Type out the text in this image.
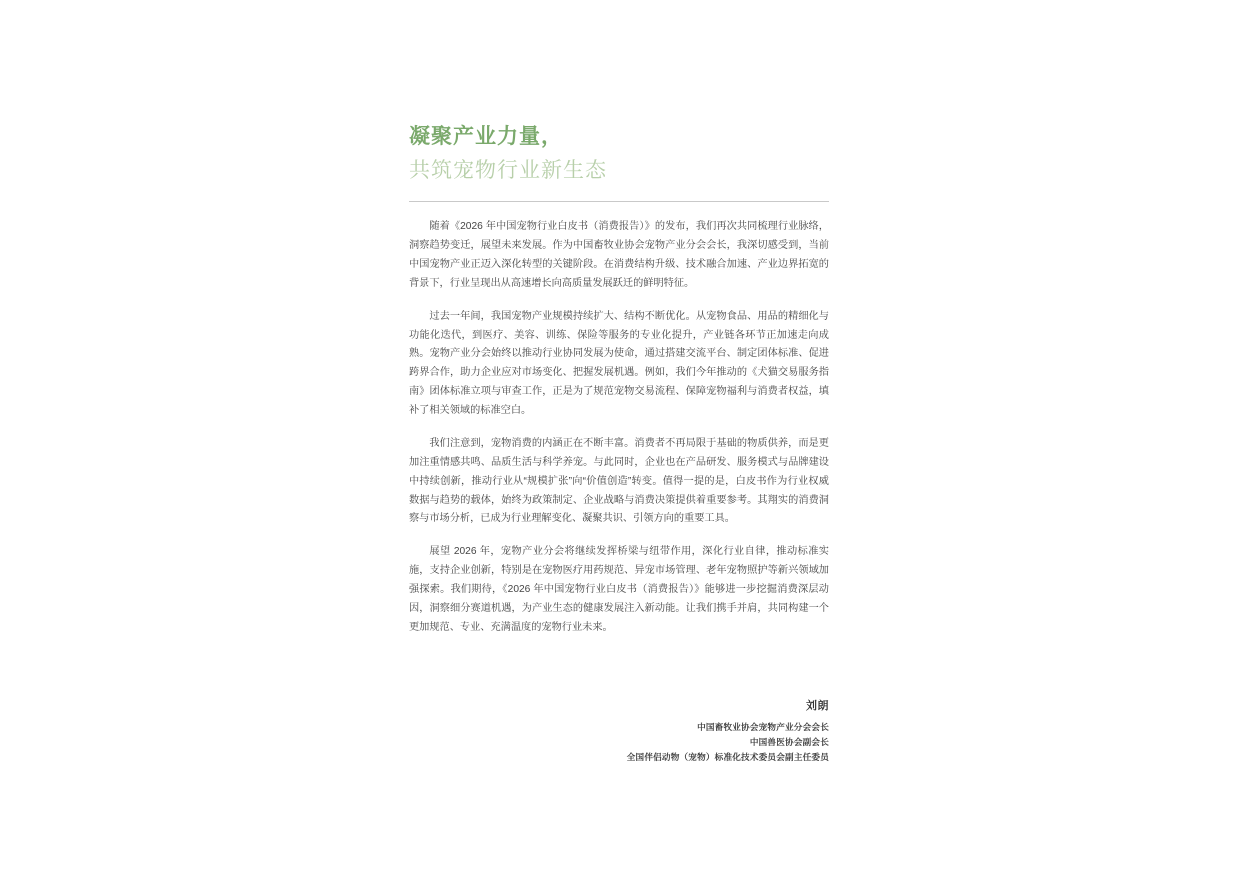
凝聚产业力量，
共筑宠物行业新生态

随着《2026 年中国宠物行业白皮书（消费报告）》的发布，我们再次共同梳理行业脉络，洞察趋势变迁，展望未来发展。作为中国畜牧业协会宠物产业分会会长，我深切感受到，当前中国宠物产业正迈入深化转型的关键阶段。在消费结构升级、技术融合加速、产业边界拓宽的背景下，行业呈现出从高速增长向高质量发展跃迁的鲜明特征。

过去一年间，我国宠物产业规模持续扩大、结构不断优化。从宠物食品、用品的精细化与功能化迭代，到医疗、美容、训练、保险等服务的专业化提升，产业链各环节正加速走向成熟。宠物产业分会始终以推动行业协同发展为使命，通过搭建交流平台、制定团体标准、促进跨界合作，助力企业应对市场变化、把握发展机遇。例如，我们今年推动的《犬猫交易服务指南》团体标准立项与审查工作，正是为了规范宠物交易流程、保障宠物福利与消费者权益，填补了相关领域的标准空白。

我们注意到，宠物消费的内涵正在不断丰富。消费者不再局限于基础的物质供养，而是更加注重情感共鸣、品质生活与科学养宠。与此同时，企业也在产品研发、服务模式与品牌建设中持续创新，推动行业从“规模扩张”向“价值创造”转变。值得一提的是，白皮书作为行业权威数据与趋势的载体，始终为政策制定、企业战略与消费决策提供着重要参考。其翔实的消费洞察与市场分析，已成为行业理解变化、凝聚共识、引领方向的重要工具。

展望 2026 年，宠物产业分会将继续发挥桥梁与纽带作用，深化行业自律，推动标准实施，支持企业创新，特别是在宠物医疗用药规范、异宠市场管理、老年宠物照护等新兴领域加强探索。我们期待，《2026 年中国宠物行业白皮书（消费报告）》能够进一步挖掘消费深层动因，洞察细分赛道机遇，为产业生态的健康发展注入新动能。让我们携手并肩，共同构建一个更加规范、专业、充满温度的宠物行业未来。

刘朗
中国畜牧业协会宠物产业分会会长
中国兽医协会副会长
全国伴侣动物（宠物）标准化技术委员会副主任委员
